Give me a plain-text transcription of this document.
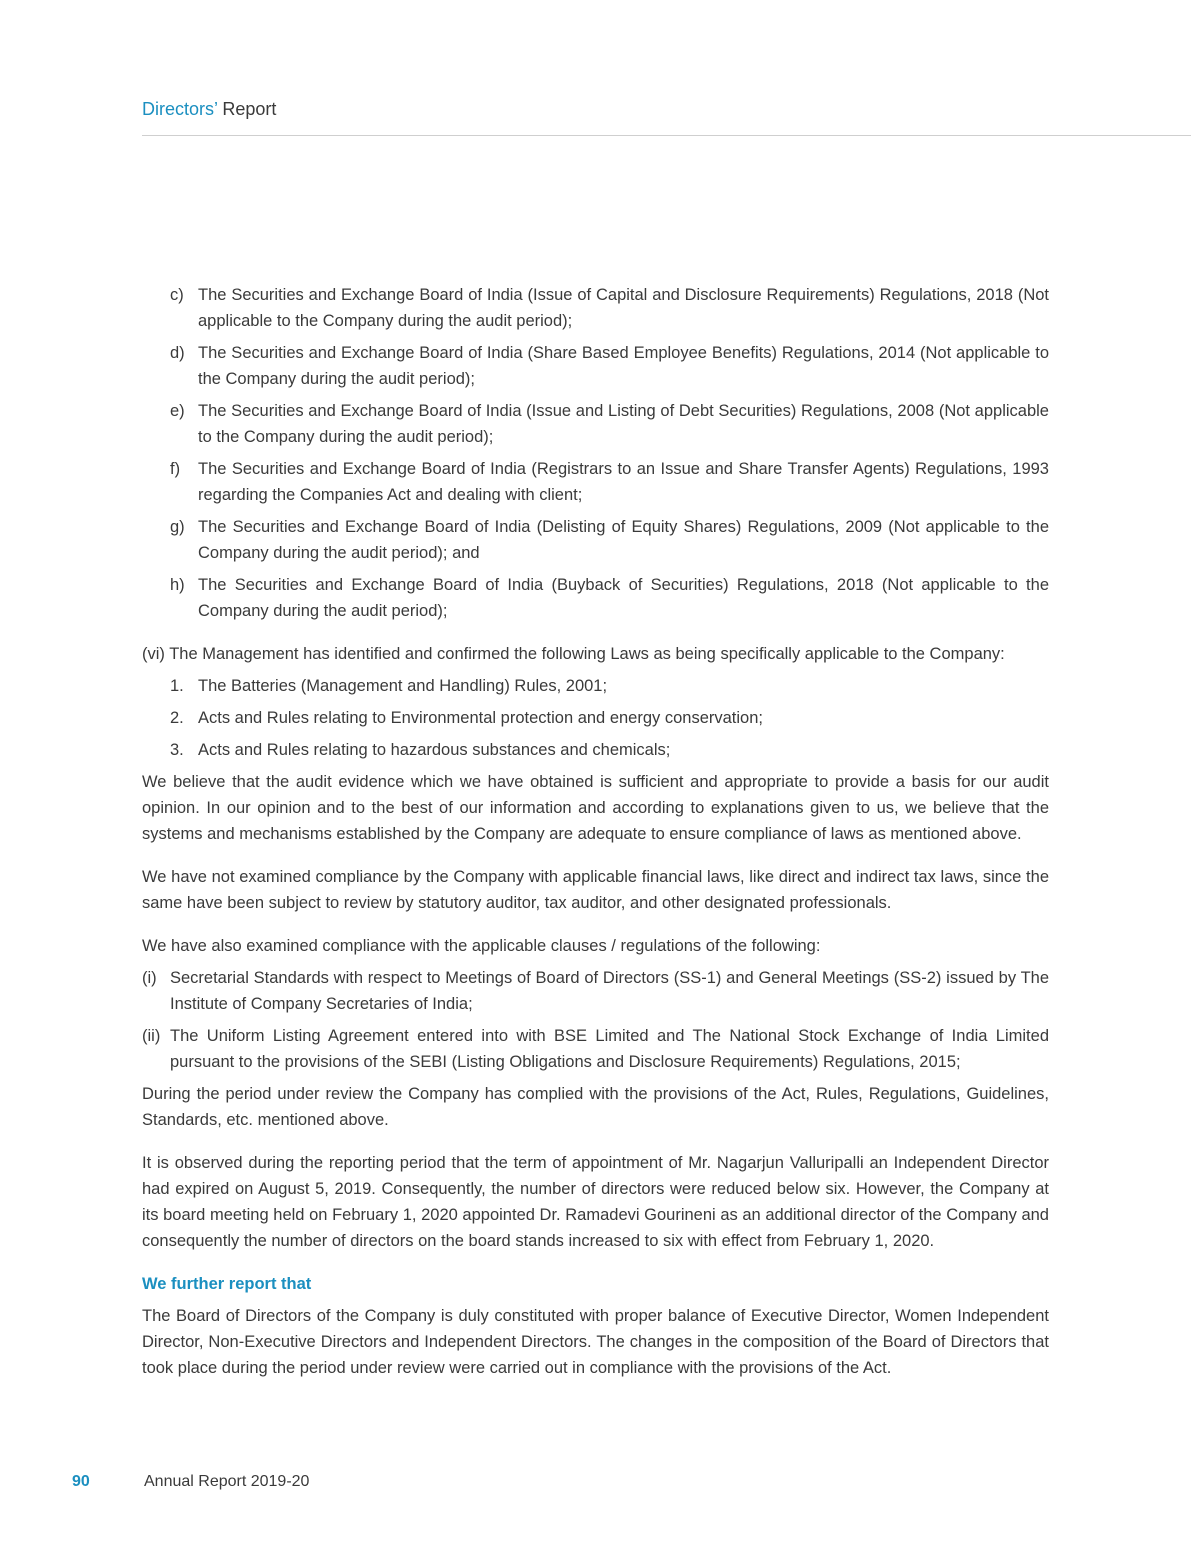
Directors’ Report
c) The Securities and Exchange Board of India (Issue of Capital and Disclosure Requirements) Regulations, 2018 (Not applicable to the Company during the audit period);
d) The Securities and Exchange Board of India (Share Based Employee Benefits) Regulations, 2014 (Not applicable to the Company during the audit period);
e) The Securities and Exchange Board of India (Issue and Listing of Debt Securities) Regulations, 2008 (Not applicable to the Company during the audit period);
f) The Securities and Exchange Board of India (Registrars to an Issue and Share Transfer Agents) Regulations, 1993 regarding the Companies Act and dealing with client;
g) The Securities and Exchange Board of India (Delisting of Equity Shares) Regulations, 2009 (Not applicable to the Company during the audit period); and
h) The Securities and Exchange Board of India (Buyback of Securities) Regulations, 2018 (Not applicable to the Company during the audit period);

(vi) The Management has identified and confirmed the following Laws as being specifically applicable to the Company:

1. The Batteries (Management and Handling) Rules, 2001;
2. Acts and Rules relating to Environmental protection and energy conservation;
3. Acts and Rules relating to hazardous substances and chemicals;

We believe that the audit evidence which we have obtained is sufficient and appropriate to provide a basis for our audit opinion. In our opinion and to the best of our information and according to explanations given to us, we believe that the systems and mechanisms established by the Company are adequate to ensure compliance of laws as mentioned above.

We have not examined compliance by the Company with applicable financial laws, like direct and indirect tax laws, since the same have been subject to review by statutory auditor, tax auditor, and other designated professionals.

We have also examined compliance with the applicable clauses / regulations of the following:

(i) Secretarial Standards with respect to Meetings of Board of Directors (SS-1) and General Meetings (SS-2) issued by The Institute of Company Secretaries of India;
(ii) The Uniform Listing Agreement entered into with BSE Limited and The National Stock Exchange of India Limited pursuant to the provisions of the SEBI (Listing Obligations and Disclosure Requirements) Regulations, 2015;

During the period under review the Company has complied with the provisions of the Act, Rules, Regulations, Guidelines, Standards, etc. mentioned above.

It is observed during the reporting period that the term of appointment of Mr. Nagarjun Valluripalli an Independent Director had expired on August 5, 2019. Consequently, the number of directors were reduced below six. However, the Company at its board meeting held on February 1, 2020 appointed Dr. Ramadevi Gourineni as an additional director of the Company and consequently the number of directors on the board stands increased to six with effect from February 1, 2020.

We further report that

The Board of Directors of the Company is duly constituted with proper balance of Executive Director, Women Independent Director, Non-Executive Directors and Independent Directors. The changes in the composition of the Board of Directors that took place during the period under review were carried out in compliance with the provisions of the Act.

90	Annual Report 2019-20
